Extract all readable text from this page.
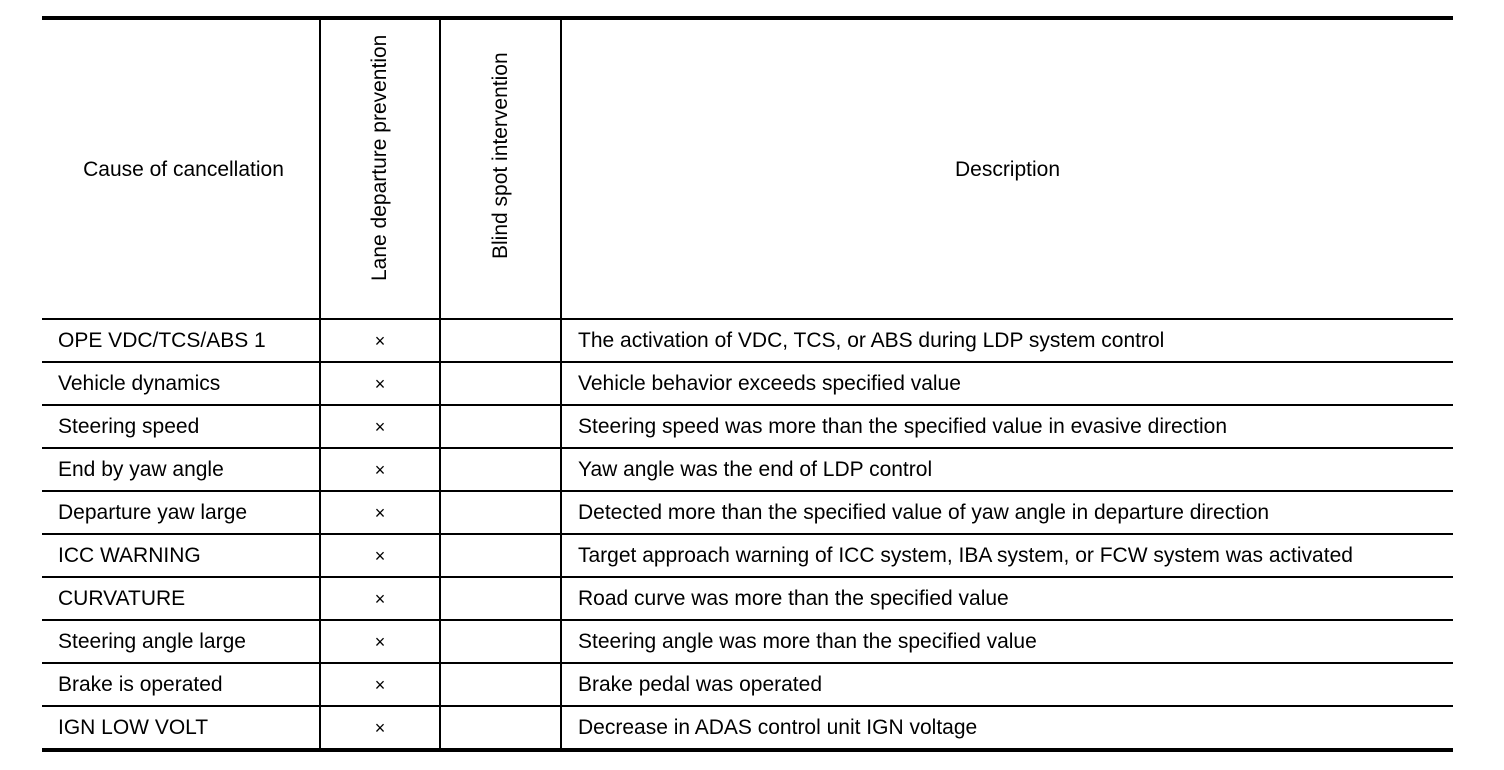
Cause of cancellation	Lane departure prevention	Blind spot intervention	Description
OPE VDC/TCS/ABS 1	×		The activation of VDC, TCS, or ABS during LDP system control
Vehicle dynamics	×		Vehicle behavior exceeds specified value
Steering speed	×		Steering speed was more than the specified value in evasive direction
End by yaw angle	×		Yaw angle was the end of LDP control
Departure yaw large	×		Detected more than the specified value of yaw angle in departure direction
ICC WARNING	×		Target approach warning of ICC system, IBA system, or FCW system was activated
CURVATURE	×		Road curve was more than the specified value
Steering angle large	×		Steering angle was more than the specified value
Brake is operated	×		Brake pedal was operated
IGN LOW VOLT	×		Decrease in ADAS control unit IGN voltage
